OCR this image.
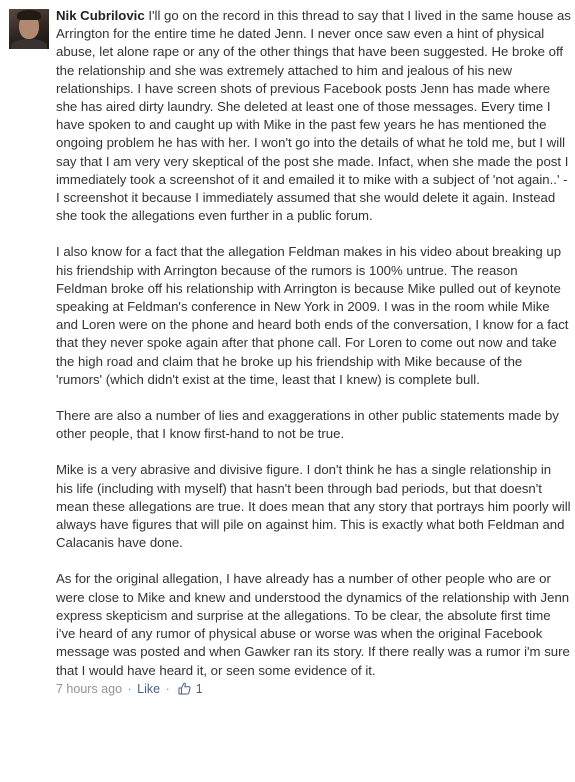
Nik Cubrilovic I'll go on the record in this thread to say that I lived in the same house as Arrington for the entire time he dated Jenn. I never once saw even a hint of physical abuse, let alone rape or any of the other things that have been suggested. He broke off the relationship and she was extremely attached to him and jealous of his new relationships. I have screen shots of previous Facebook posts Jenn has made where she has aired dirty laundry. She deleted at least one of those messages. Every time I have spoken to and caught up with Mike in the past few years he has mentioned the ongoing problem he has with her. I won't go into the details of what he told me, but I will say that I am very very skeptical of the post she made. Infact, when she made the post I immediately took a screenshot of it and emailed it to mike with a subject of 'not again..' - I screenshot it because I immediately assumed that she would delete it again. Instead she took the allegations even further in a public forum.

I also know for a fact that the allegation Feldman makes in his video about breaking up his friendship with Arrington because of the rumors is 100% untrue. The reason Feldman broke off his relationship with Arrington is because Mike pulled out of keynote speaking at Feldman's conference in New York in 2009. I was in the room while Mike and Loren were on the phone and heard both ends of the conversation, I know for a fact that they never spoke again after that phone call. For Loren to come out now and take the high road and claim that he broke up his friendship with Mike because of the 'rumors' (which didn't exist at the time, least that I knew) is complete bull.

There are also a number of lies and exaggerations in other public statements made by other people, that I know first-hand to not be true.

Mike is a very abrasive and divisive figure. I don't think he has a single relationship in his life (including with myself) that hasn't been through bad periods, but that doesn't mean these allegations are true. It does mean that any story that portrays him poorly will always have figures that will pile on against him. This is exactly what both Feldman and Calacanis have done.

As for the original allegation, I have already has a number of other people who are or were close to Mike and knew and understood the dynamics of the relationship with Jenn express skepticism and surprise at the allegations. To be clear, the absolute first time i've heard of any rumor of physical abuse or worse was when the original Facebook message was posted and when Gawker ran its story. If there really was a rumor i'm sure that I would have heard it, or seen some evidence of it.

7 hours ago · Like · 1
